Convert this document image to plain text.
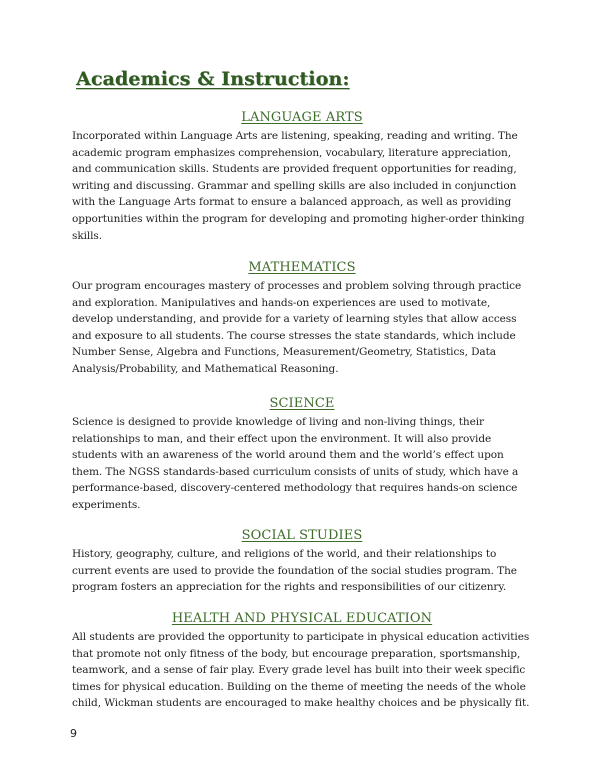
Academics & Instruction:
LANGUAGE ARTS

Incorporated within Language Arts are listening, speaking, reading and writing. The academic program emphasizes comprehension, vocabulary, literature appreciation, and communication skills. Students are provided frequent opportunities for reading, writing and discussing. Grammar and spelling skills are also included in conjunction with the Language Arts format to ensure a balanced approach, as well as providing opportunities within the program for developing and promoting higher-order thinking skills.

MATHEMATICS

Our program encourages mastery of processes and problem solving through practice and exploration. Manipulatives and hands-on experiences are used to motivate, develop understanding, and provide for a variety of learning styles that allow access and exposure to all students. The course stresses the state standards, which include Number Sense, Algebra and Functions, Measurement/Geometry, Statistics, Data Analysis/Probability, and Mathematical Reasoning.

SCIENCE

Science is designed to provide knowledge of living and non-living things, their relationships to man, and their effect upon the environment. It will also provide students with an awareness of the world around them and the world’s effect upon them. The NGSS standards-based curriculum consists of units of study, which have a performance-based, discovery-centered methodology that requires hands-on science experiments.

SOCIAL STUDIES

History, geography, culture, and religions of the world, and their relationships to current events are used to provide the foundation of the social studies program. The program fosters an appreciation for the rights and responsibilities of our citizenry.

HEALTH AND PHYSICAL EDUCATION

All students are provided the opportunity to participate in physical education activities that promote not only fitness of the body, but encourage preparation, sportsmanship, teamwork, and a sense of fair play. Every grade level has built into their week specific times for physical education. Building on the theme of meeting the needs of the whole child, Wickman students are encouraged to make healthy choices and be physically fit.

9
